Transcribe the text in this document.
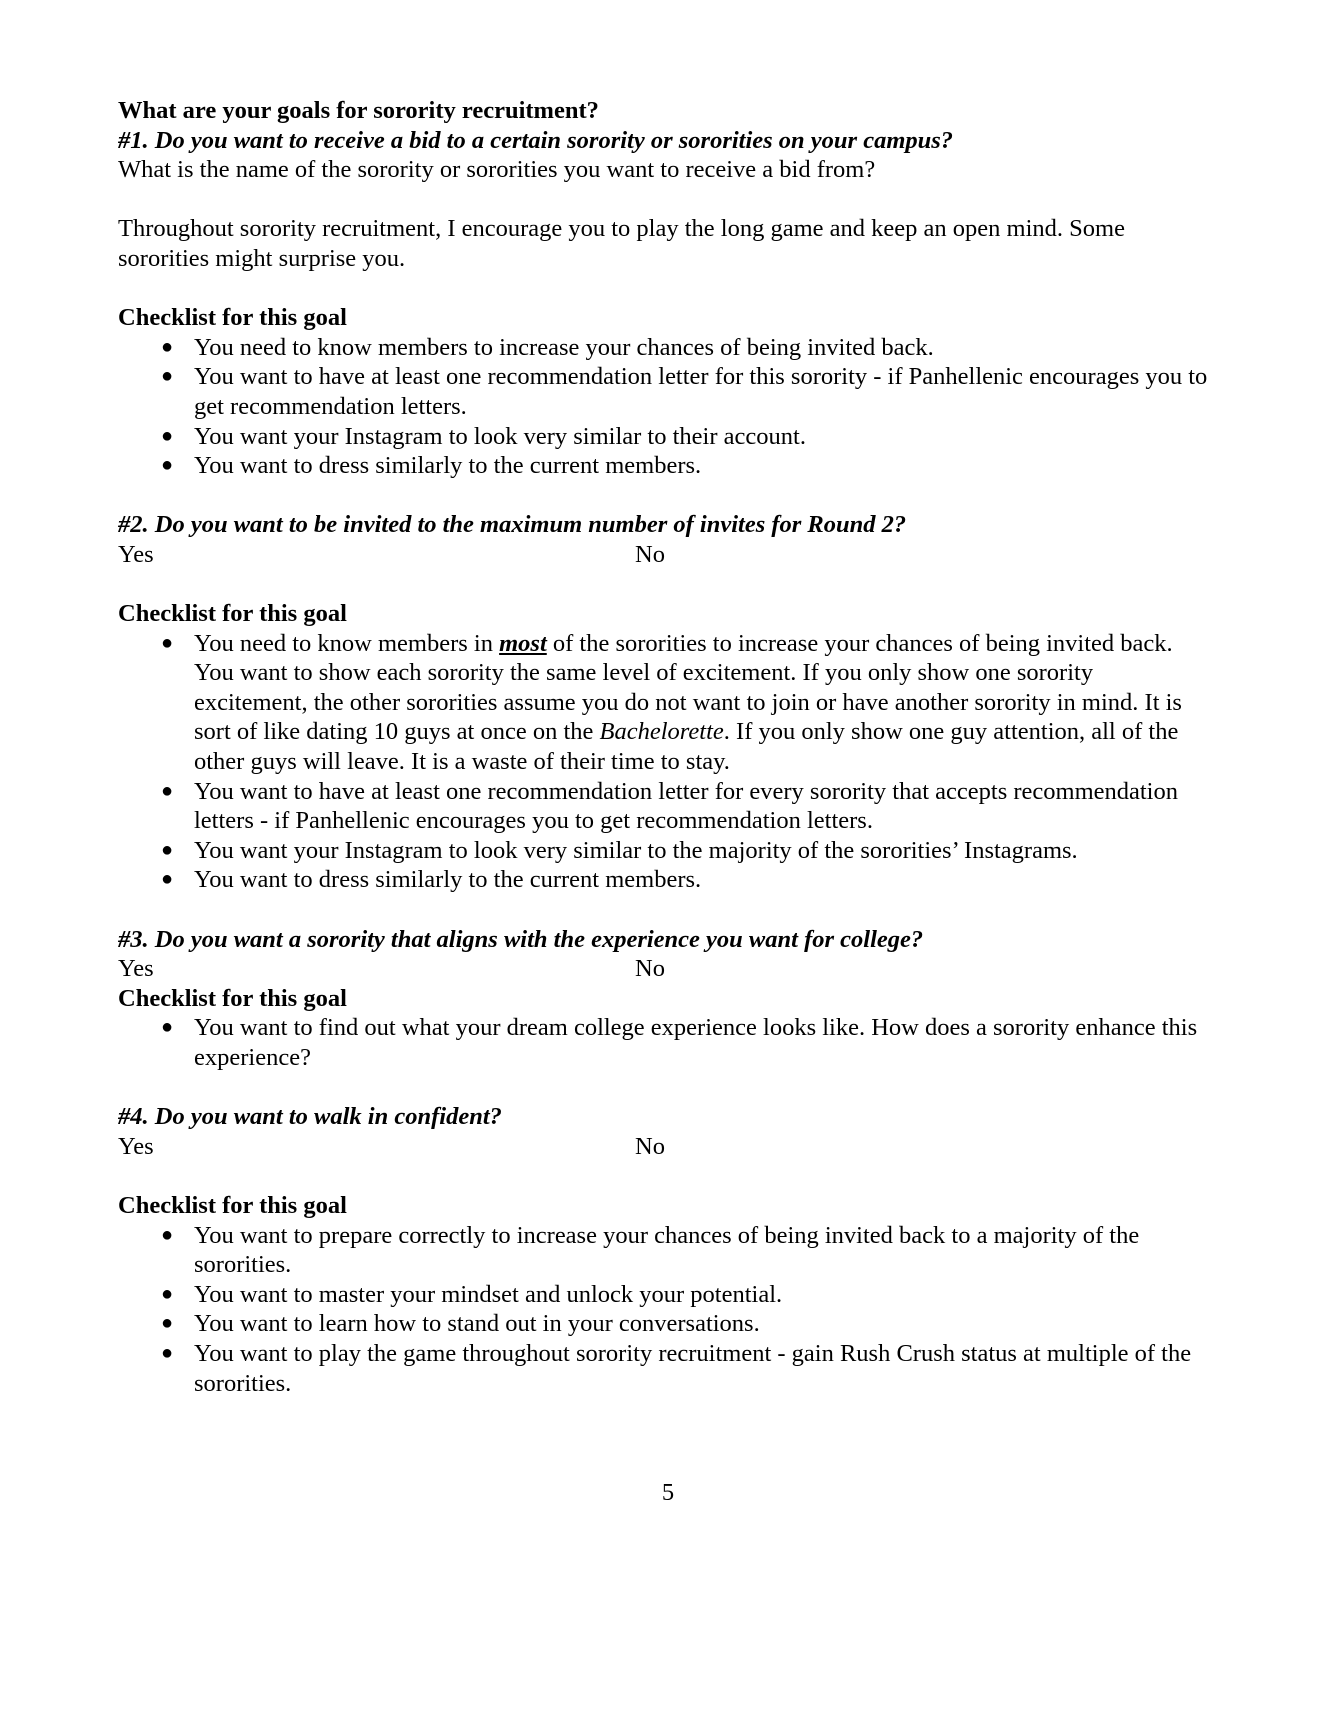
What are your goals for sorority recruitment?

#1. Do you want to receive a bid to a certain sorority or sororities on your campus?

What is the name of the sorority or sororities you want to receive a bid from?

Throughout sorority recruitment, I encourage you to play the long game and keep an open mind. Some sororities might surprise you.

Checklist for this goal

● You need to know members to increase your chances of being invited back.
● You want to have at least one recommendation letter for this sorority - if Panhellenic encourages you to get recommendation letters.
● You want your Instagram to look very similar to their account.
● You want to dress similarly to the current members.

#2. Do you want to be invited to the maximum number of invites for Round 2?

Yes	No

Checklist for this goal

● You need to know members in most of the sororities to increase your chances of being invited back. You want to show each sorority the same level of excitement. If you only show one sorority excitement, the other sororities assume you do not want to join or have another sorority in mind. It is sort of like dating 10 guys at once on the Bachelorette. If you only show one guy attention, all of the other guys will leave. It is a waste of their time to stay.
● You want to have at least one recommendation letter for every sorority that accepts recommendation letters - if Panhellenic encourages you to get recommendation letters.
● You want your Instagram to look very similar to the majority of the sororities’ Instagrams.
● You want to dress similarly to the current members.

#3. Do you want a sorority that aligns with the experience you want for college?

Yes	No

Checklist for this goal

● You want to find out what your dream college experience looks like. How does a sorority enhance this experience?

#4. Do you want to walk in confident?

Yes	No

Checklist for this goal

● You want to prepare correctly to increase your chances of being invited back to a majority of the sororities.
● You want to master your mindset and unlock your potential.
● You want to learn how to stand out in your conversations.
● You want to play the game throughout sorority recruitment - gain Rush Crush status at multiple of the sororities.
5
